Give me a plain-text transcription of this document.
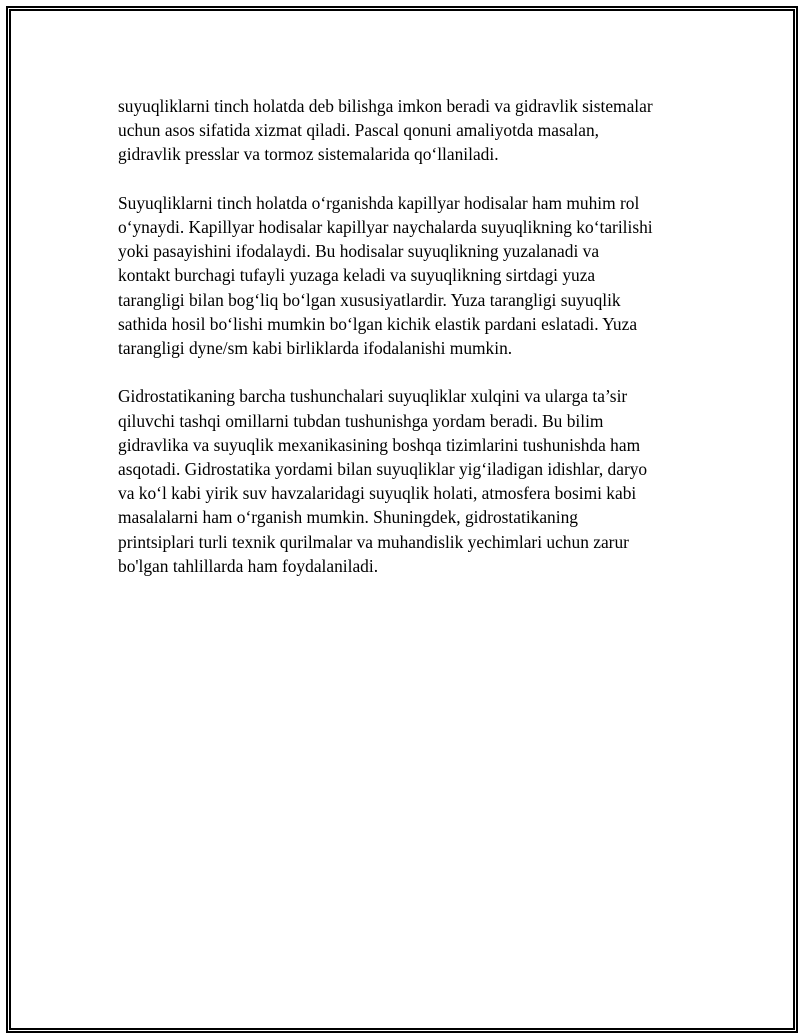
suyuqliklarni tinch holatda deb bilishga imkon beradi va gidravlik sistemalar
uchun asos sifatida xizmat qiladi. Pascal qonuni amaliyotda masalan,
gidravlik presslar va tormoz sistemalarida qo‘llaniladi.

Suyuqliklarni tinch holatda o‘rganishda kapillyar hodisalar ham muhim rol
o‘ynaydi. Kapillyar hodisalar kapillyar naychalarda suyuqlikning ko‘tarilishi
yoki pasayishini ifodalaydi. Bu hodisalar suyuqlikning yuzalanadi va
kontakt burchagi tufayli yuzaga keladi va suyuqlikning sirtdagi yuza
tarangligi bilan bog‘liq bo‘lgan xususiyatlardir. Yuza tarangligi suyuqlik
sathida hosil bo‘lishi mumkin bo‘lgan kichik elastik pardani eslatadi. Yuza
tarangligi dyne/sm kabi birliklarda ifodalanishi mumkin.

Gidrostatikaning barcha tushunchalari suyuqliklar xulqini va ularga ta’sir
qiluvchi tashqi omillarni tubdan tushunishga yordam beradi. Bu bilim
gidravlika va suyuqlik mexanikasining boshqa tizimlarini tushunishda ham
asqotadi. Gidrostatika yordami bilan suyuqliklar yig‘iladigan idishlar, daryo
va ko‘l kabi yirik suv havzalaridagi suyuqlik holati, atmosfera bosimi kabi
masalalarni ham o‘rganish mumkin. Shuningdek, gidrostatikaning
printsiplari turli texnik qurilmalar va muhandislik yechimlari uchun zarur
bo'lgan tahlillarda ham foydalaniladi.
